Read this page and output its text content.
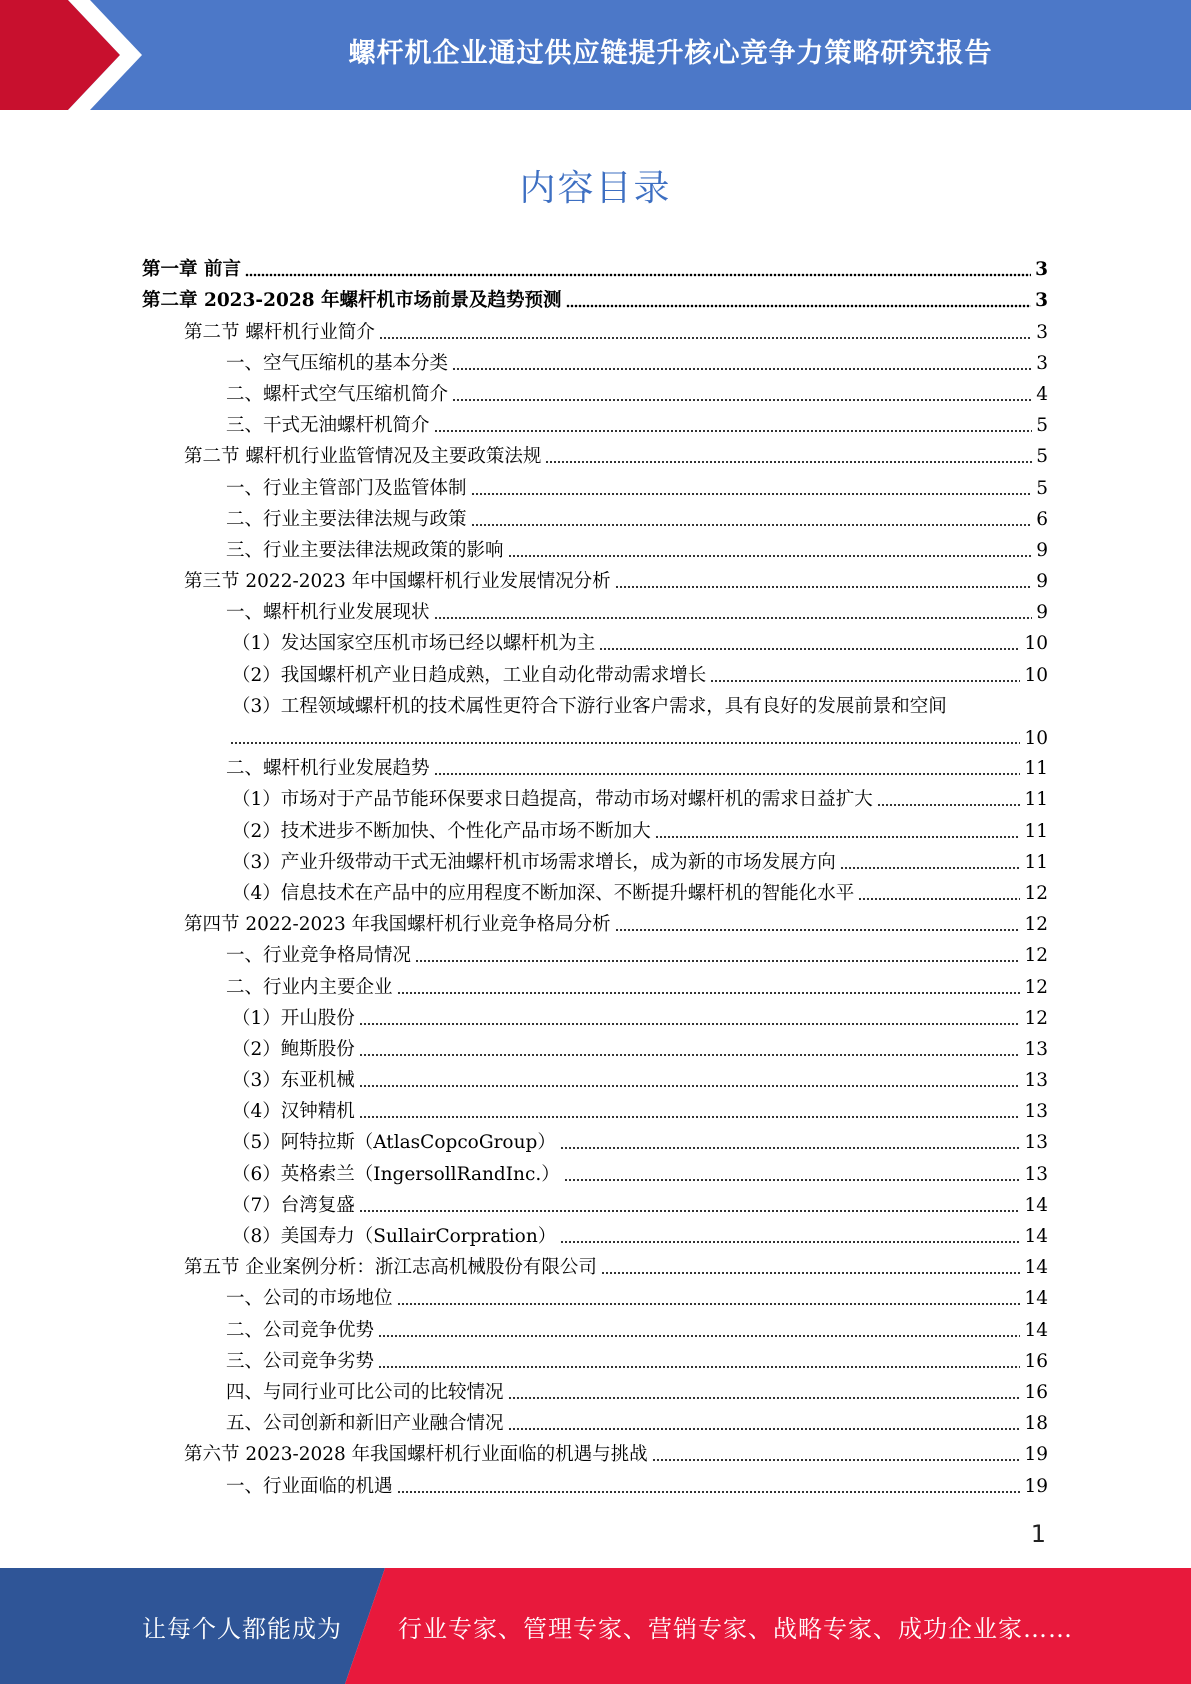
螺杆机企业通过供应链提升核心竞争力策略研究报告
内容目录
第一章 前言	3
第二章 2023-2028 年螺杆机市场前景及趋势预测	3
第二节 螺杆机行业简介	3
一、空气压缩机的基本分类	3
二、螺杆式空气压缩机简介	4
三、干式无油螺杆机简介	5
第二节 螺杆机行业监管情况及主要政策法规	5
一、行业主管部门及监管体制	5
二、行业主要法律法规与政策	6
三、行业主要法律法规政策的影响	9
第三节 2022-2023 年中国螺杆机行业发展情况分析	9
一、螺杆机行业发展现状	9
（1）发达国家空压机市场已经以螺杆机为主	10
（2）我国螺杆机产业日趋成熟，工业自动化带动需求增长	10
（3）工程领域螺杆机的技术属性更符合下游行业客户需求，具有良好的发展前景和空间
10
二、螺杆机行业发展趋势	11
（1）市场对于产品节能环保要求日趋提高，带动市场对螺杆机的需求日益扩大	11
（2）技术进步不断加快、个性化产品市场不断加大	11
（3）产业升级带动干式无油螺杆机市场需求增长，成为新的市场发展方向	11
（4）信息技术在产品中的应用程度不断加深、不断提升螺杆机的智能化水平	12
第四节 2022-2023 年我国螺杆机行业竞争格局分析	12
一、行业竞争格局情况	12
二、行业内主要企业	12
（1）开山股份	12
（2）鲍斯股份	13
（3）东亚机械	13
（4）汉钟精机	13
（5）阿特拉斯（AtlasCopcoGroup）	13
（6）英格索兰（IngersollRandInc.）	13
（7）台湾复盛	14
（8）美国寿力（SullairCorpration）	14
第五节 企业案例分析：浙江志高机械股份有限公司	14
一、公司的市场地位	14
二、公司竞争优势	14
三、公司竞争劣势	16
四、与同行业可比公司的比较情况	16
五、公司创新和新旧产业融合情况	18
第六节 2023-2028 年我国螺杆机行业面临的机遇与挑战	19
一、行业面临的机遇	19
1
让每个人都能成为 行业专家、管理专家、营销专家、战略专家、成功企业家……
